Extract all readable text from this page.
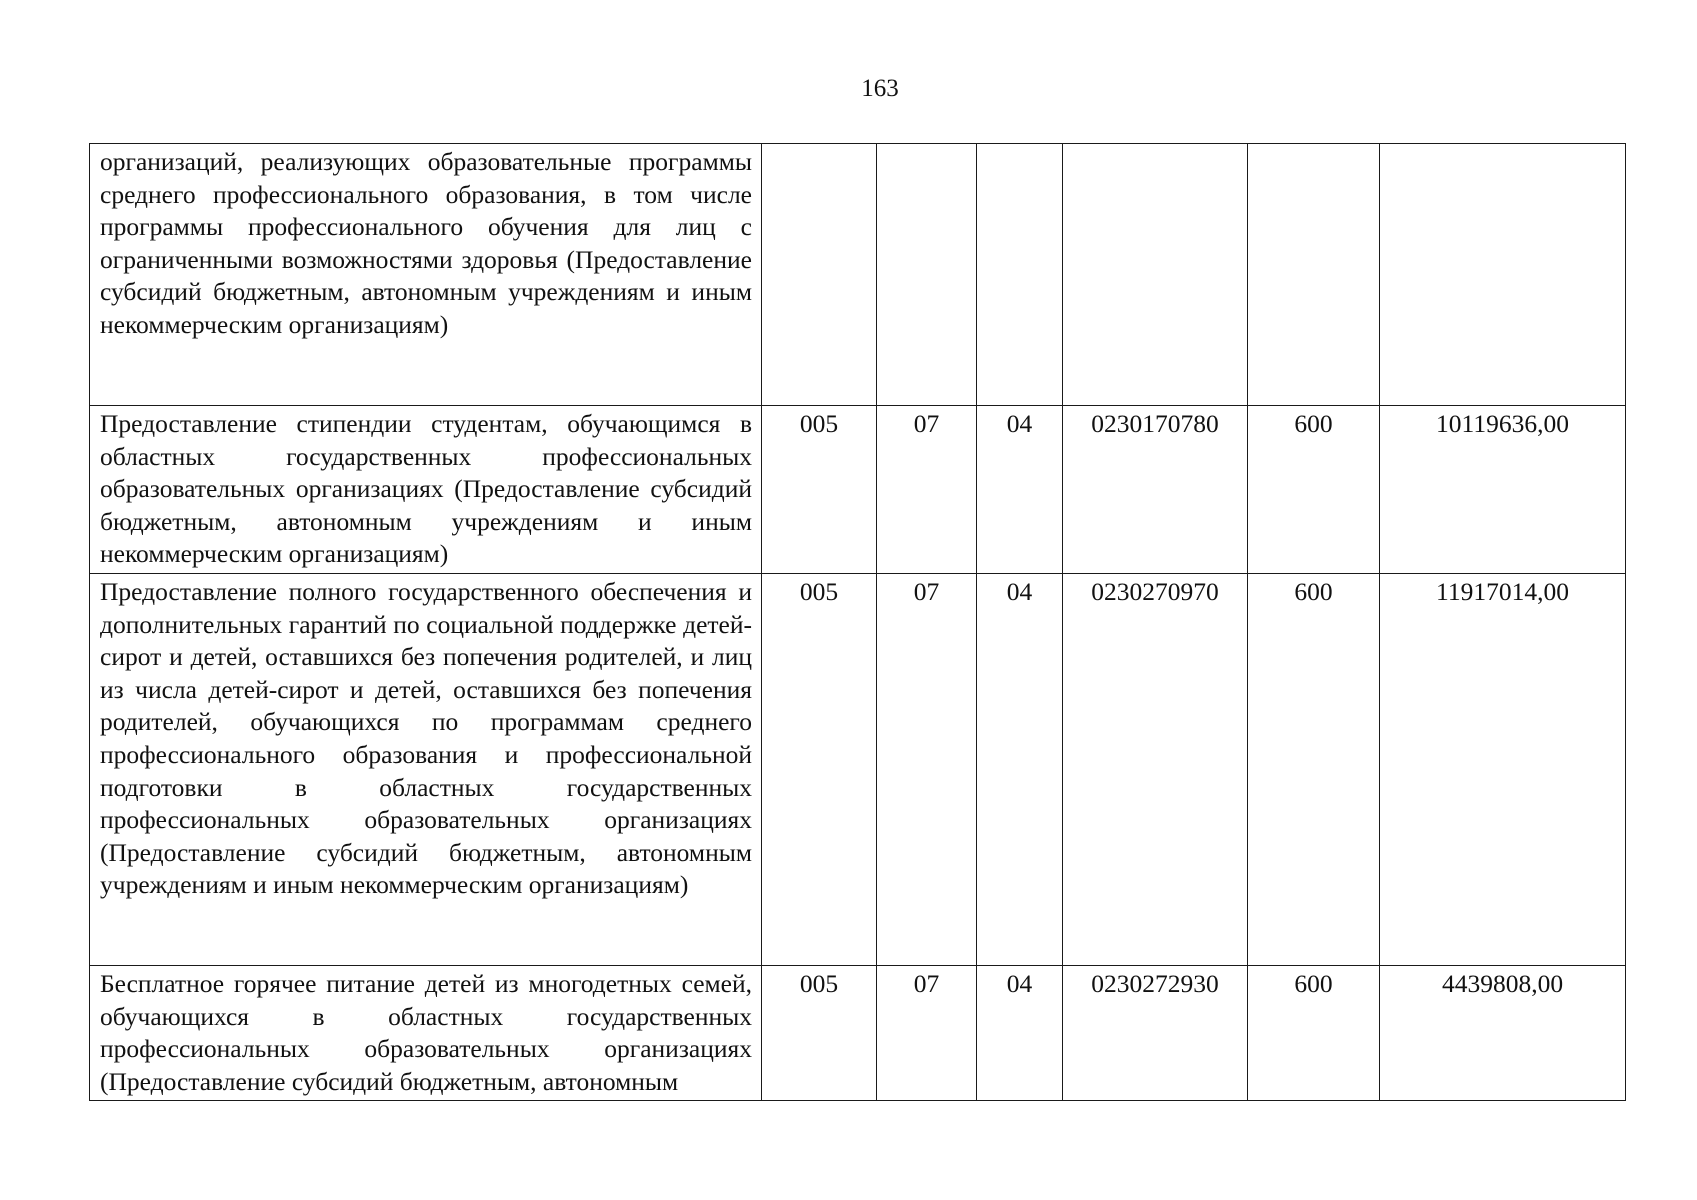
163
организаций, реализующих образовательные программы среднего профессионального образования, в том числе программы профессионального обучения для лиц с ограниченными возможностями здоровья (Предоставление субсидий бюджетным, автономным учреждениям и иным некоммерческим организациям)						
Предоставление стипендии студентам, обучающимся в областных государственных профессиональных образовательных организациях (Предоставление субсидий бюджетным, автономным учреждениям и иным некоммерческим организациям)	005	07	04	0230170780	600	10119636,00
Предоставление полного государственного обеспечения и дополнительных гарантий по социальной поддержке детей-сирот и детей, оставшихся без попечения родителей, и лиц из числа детей-сирот и детей, оставшихся без попечения родителей, обучающихся по программам среднего профессионального образования и профессиональной подготовки в областных государственных профессиональных образовательных организациях (Предоставление субсидий бюджетным, автономным учреждениям и иным некоммерческим организациям)	005	07	04	0230270970	600	11917014,00
Бесплатное горячее питание детей из многодетных семей, обучающихся в областных государственных профессиональных образовательных организациях (Предоставление субсидий бюджетным, автономным	005	07	04	0230272930	600	4439808,00
